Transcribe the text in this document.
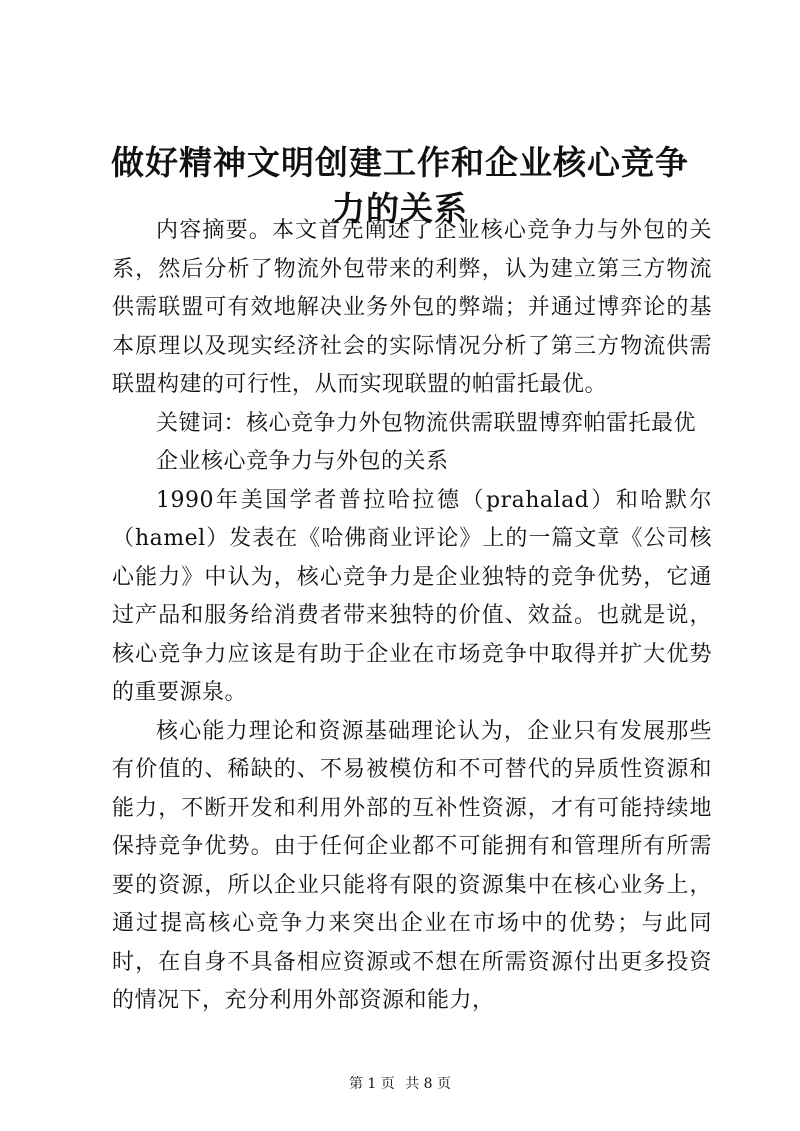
做好精神文明创建工作和企业核心竞争力的关系

内容摘要。本文首先阐述了企业核心竞争力与外包的关系，然后分析了物流外包带来的利弊，认为建立第三方物流供需联盟可有效地解决业务外包的弊端；并通过博弈论的基本原理以及现实经济社会的实际情况分析了第三方物流供需联盟构建的可行性，从而实现联盟的帕雷托最优。

关键词：核心竞争力外包物流供需联盟博弈帕雷托最优

企业核心竞争力与外包的关系

1990年美国学者普拉哈拉德（prahalad）和哈默尔（hamel）发表在《哈佛商业评论》上的一篇文章《公司核心能力》中认为，核心竞争力是企业独特的竞争优势，它通过产品和服务给消费者带来独特的价值、效益。也就是说，核心竞争力应该是有助于企业在市场竞争中取得并扩大优势的重要源泉。

核心能力理论和资源基础理论认为，企业只有发展那些有价值的、稀缺的、不易被模仿和不可替代的异质性资源和能力，不断开发和利用外部的互补性资源，才有可能持续地保持竞争优势。由于任何企业都不可能拥有和管理所有所需要的资源，所以企业只能将有限的资源集中在核心业务上，通过提高核心竞争力来突出企业在市场中的优势；与此同时，在自身不具备相应资源或不想在所需资源付出更多投资的情况下，充分利用外部资源和能力，

第 1 页 共 8 页
